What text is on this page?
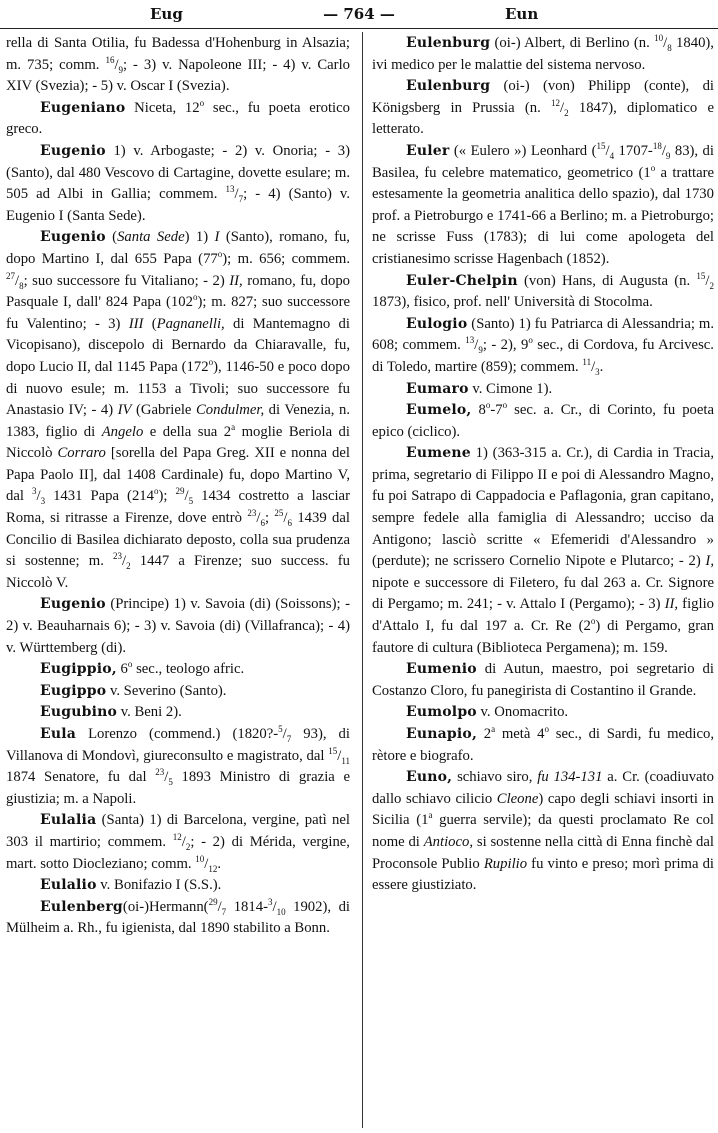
Eug	— 764 —	Eun

rella di Santa Otilia, fu Badessa d'Hohenburg in Alsazia; m. 735; comm. $^{16}/_9$; - 3) v. Napoleone III; - 4) v. Carlo XIV (Svezia); - 5) v. Oscar I (Svezia).

Eugeniano Niceta, 12$^o$ sec., fu poeta erotico greco.

Eugenio 1) v. Arbogaste; - 2) v. Onoria; - 3) (Santo), dal 480 Vescovo di Cartagine, dovette esulare; m. 505 ad Albi in Gallia; commem. $^{13}/_7$; - 4) (Santo) v. Eugenio I (Santa Sede).

Eugenio (Santa Sede) 1) I (Santo), romano, fu, dopo Martino I, dal 655 Papa (77$^o$); m. 656; commem. $^{27}/_8$; suo successore fu Vitaliano; - 2) II, romano, fu, dopo Pasquale I, dall' 824 Papa (102$^o$); m. 827; suo successore fu Valentino; - 3) III (Pagnanelli, di Mantemagno di Vicopisano), discepolo di Bernardo da Chiaravalle, fu, dopo Lucio II, dal 1145 Papa (172$^o$), 1146-50 e poco dopo di nuovo esule; m. 1153 a Tivoli; suo successore fu Anastasio IV; - 4) IV (Gabriele Condulmer, di Venezia, n. 1383, figlio di Angelo e della sua 2$^a$ moglie Beriola di Niccolò Corraro [sorella del Papa Greg. XII e nonna del Papa Paolo II], dal 1408 Cardinale) fu, dopo Martino V, dal $^3/_3$ 1431 Papa (214$^o$); $^{29}/_5$ 1434 costretto a lasciar Roma, si ritrasse a Firenze, dove entrò $^{23}/_6$; $^{25}/_6$ 1439 dal Concilio di Basilea dichiarato deposto, colla sua prudenza si sostenne; m. $^{23}/_2$ 1447 a Firenze; suo success. fu Niccolò V.

Eugenio (Principe) 1) v. Savoia (di) (Soissons); - 2) v. Beauharnais 6); - 3) v. Savoia (di) (Villafranca); - 4) v. Württemberg (di).

Eugippio, 6$^o$ sec., teologo afric.

Eugippo v. Severino (Santo).

Eugubino v. Beni 2).

Eula Lorenzo (commend.) ($1820?-^5/_7$ 93), di Villanova di Mondovì, giureconsulto e magistrato, dal $^{15}/_{11}$ 1874 Senatore, fu dal $^{23}/_5$ 1893 Ministro di grazia e giustizia; m. a Napoli.

Eulalia (Santa) 1) di Barcelona, vergine, patì nel 303 il martirio; commem. $^{12}/_2$; - 2) di Mérida, vergine, mart. sotto Diocleziano; comm. $^{10}/_{12}$.

Eulalio v. Bonifazio I (S.S.).

$Eulenberg(oi-)Hermann(^{29}/_7$ $1814-^3/_{10}$ 1902), di Mülheim a. Rh., fu igienista, dal 1890 stabilito a Bonn.

Eulenburg (oi-) Albert, di Berlino (n. $^{10}/_8$ 1840), ivi medico per le malattie del sistema nervoso.

Eulenburg (oi-) (von) Philipp (conte), di Königsberg in Prussia (n. $^{12}/_2$ 1847), diplomatico e letterato.

Euler (« Eulero ») Leonhard ($^{15}/_4$ $1707-^{18}/_9$ 83), di Basilea, fu celebre matematico, geometrico (1$^o$ a trattare estesamente la geometria analitica dello spazio), dal 1730 prof. a Pietroburgo e 1741-66 a Berlino; m. a Pietroburgo; ne scrisse Fuss (1783); di lui come apologeta del cristianesimo scrisse Hagenbach (1852).

Euler-Chelpin (von) Hans, di Augusta (n. $^{15}/_2$ 1873), fisico, prof. nell' Università di Stocolma.

Eulogio (Santo) 1) fu Patriarca di Alessandria; m. 608; commem. $^{13}/_9$; - 2), 9$^o$ sec., di Cordova, fu Arcivesc. di Toledo, martire (859); commem. $^{11}/_3$.

Eumaro v. Cimone 1).

Eumelo, 8$^o$-7$^o$ sec. a. Cr., di Corinto, fu poeta epico (ciclico).

Eumene 1) (363-315 a. Cr.), di Cardia in Tracia, prima, segretario di Filippo II e poi di Alessandro Magno, fu poi Satrapo di Cappadocia e Paflagonia, gran capitano, sempre fedele alla famiglia di Alessandro; ucciso da Antigono; lasciò scritte « Efemeridi d'Alessandro » (perdute); ne scrissero Cornelio Nipote e Plutarco; - 2) I, nipote e successore di Filetero, fu dal 263 a. Cr. Signore di Pergamo; m. 241; - v. Attalo I (Pergamo); - 3) II, figlio d'Attalo I, fu dal 197 a. Cr. Re (2$^o$) di Pergamo, gran fautore di cultura (Biblioteca Pergamena); m. 159.

Eumenio di Autun, maestro, poi segretario di Costanzo Cloro, fu panegirista di Costantino il Grande.

Eumolpo v. Onomacrito.

Eunapio, 2$^a$ metà 4$^o$ sec., di Sardi, fu medico, rètore e biografo.

Euno, schiavo siro, fu 134-131 a. Cr. (coadiuvato dallo schiavo cilicio Cleone) capo degli schiavi insorti in Sicilia (1$^a$ guerra servile); da questi proclamato Re col nome di Antioco, si sostenne nella città di Enna finchè dal Proconsole Publio Rupilio fu vinto e preso; morì prima di essere giustiziato.
